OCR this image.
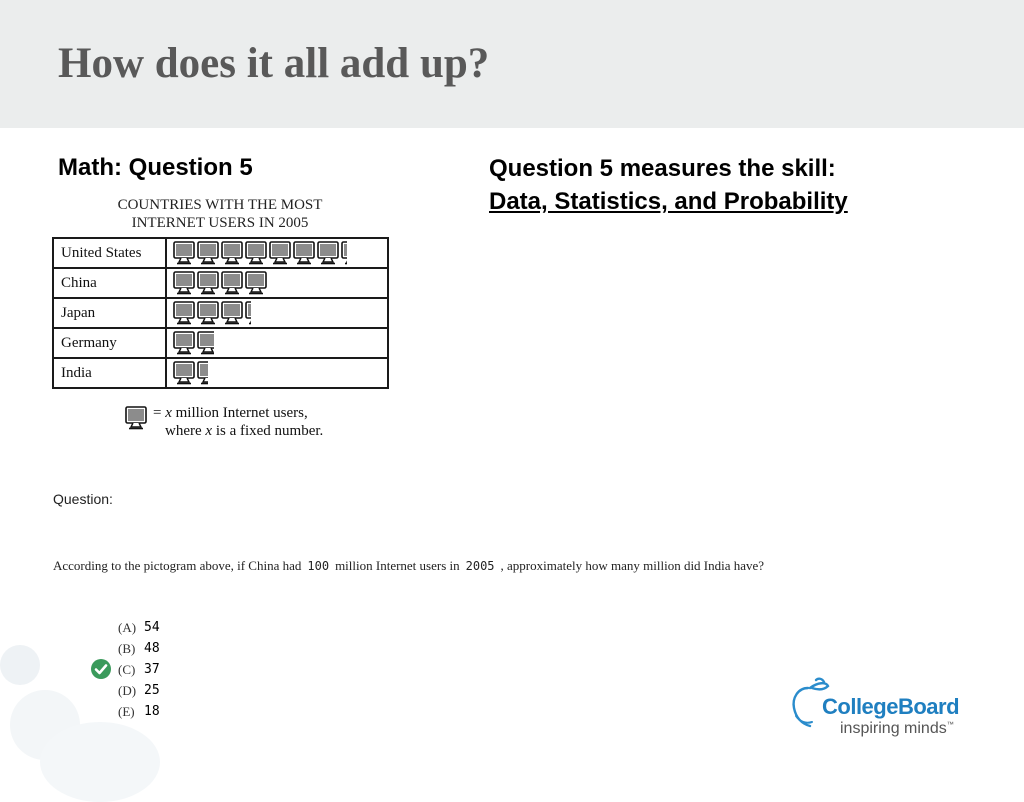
How does it all add up?
Math: Question 5	Question 5 measures the skill:
Data, Statistics, and Probability
COUNTRIES WITH THE MOST
INTERNET USERS IN 2005
United States	

China	

Japan	

Germany	

India	
= x million Internet users,
where x is a fixed number.
Question:
According to the pictogram above, if China had 100 million Internet users in 2005 , approximately how many million did India have?
(A) 54
(B) 48
(C) 37
(D) 25
(E) 18	CollegeBoard
inspiring minds™
